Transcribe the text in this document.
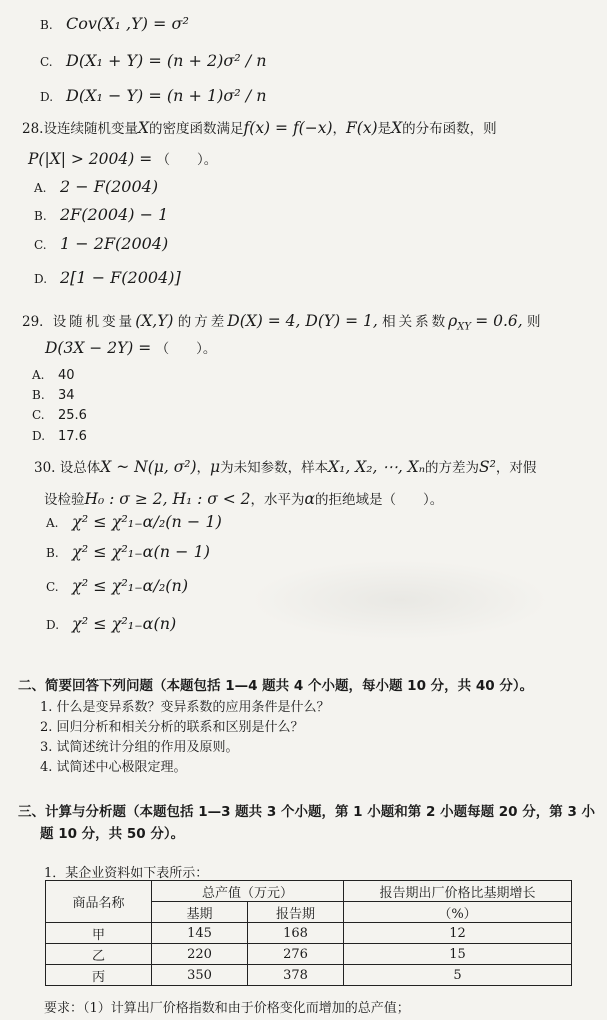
B. Cov(X₁ ,Y) = σ²
C. D(X₁ + Y) = (n + 2)σ² / n
D. D(X₁ − Y) = (n + 1)σ² / n
28.设连续随机变量X的密度函数满足f(x) = f(−x)，F(x)是X的分布函数，则
P(|X| > 2004) = （　　）。
A. 2 − F(2004)
B. 2F(2004) − 1
C. 1 − 2F(2004)
D. 2[1 − F(2004)]
29．设随机变量(X,Y) 的方差D(X) = 4, D(Y) = 1, 相关系数$\rho_{XY} = 0.6$, 则
D(3X − 2Y) = （　　）。
A. 40
B. 34
C. 25.6
D. 17.6
30. 设总体X ~ N(μ, σ²)，μ为未知参数，样本X₁, X₂, ⋯, Xₙ的方差为S²，对假
设检验H₀ : σ ≥ 2, H₁ : σ < 2，水平为α的拒绝域是（　　）。
A. χ² ≤ χ²₁₋α/₂(n − 1)
B. χ² ≤ χ²₁₋α(n − 1)
C. χ² ≤ χ²₁₋α/₂(n)
D. χ² ≤ χ²₁₋α(n)
二、简要回答下列问题（本题包括 1—4 题共 4 个小题，每小题 10 分，共 40 分）。
1. 什么是变异系数？变异系数的应用条件是什么？
2. 回归分析和相关分析的联系和区别是什么？
3. 试简述统计分组的作用及原则。
4. 试简述中心极限定理。
三、计算与分析题（本题包括 1—3 题共 3 个小题，第 1 小题和第 2 小题每题 20 分，第 3 小
题 10 分，共 50 分）。
1．某企业资料如下表所示：
商品名称	总产值（万元）		报告期出厂价格比基期增长
	基期	报告期	（%）
甲	145	168	12
乙	220	276	15
丙	350	378	5
要求：（1）计算出厂价格指数和由于价格变化而增加的总产值；
